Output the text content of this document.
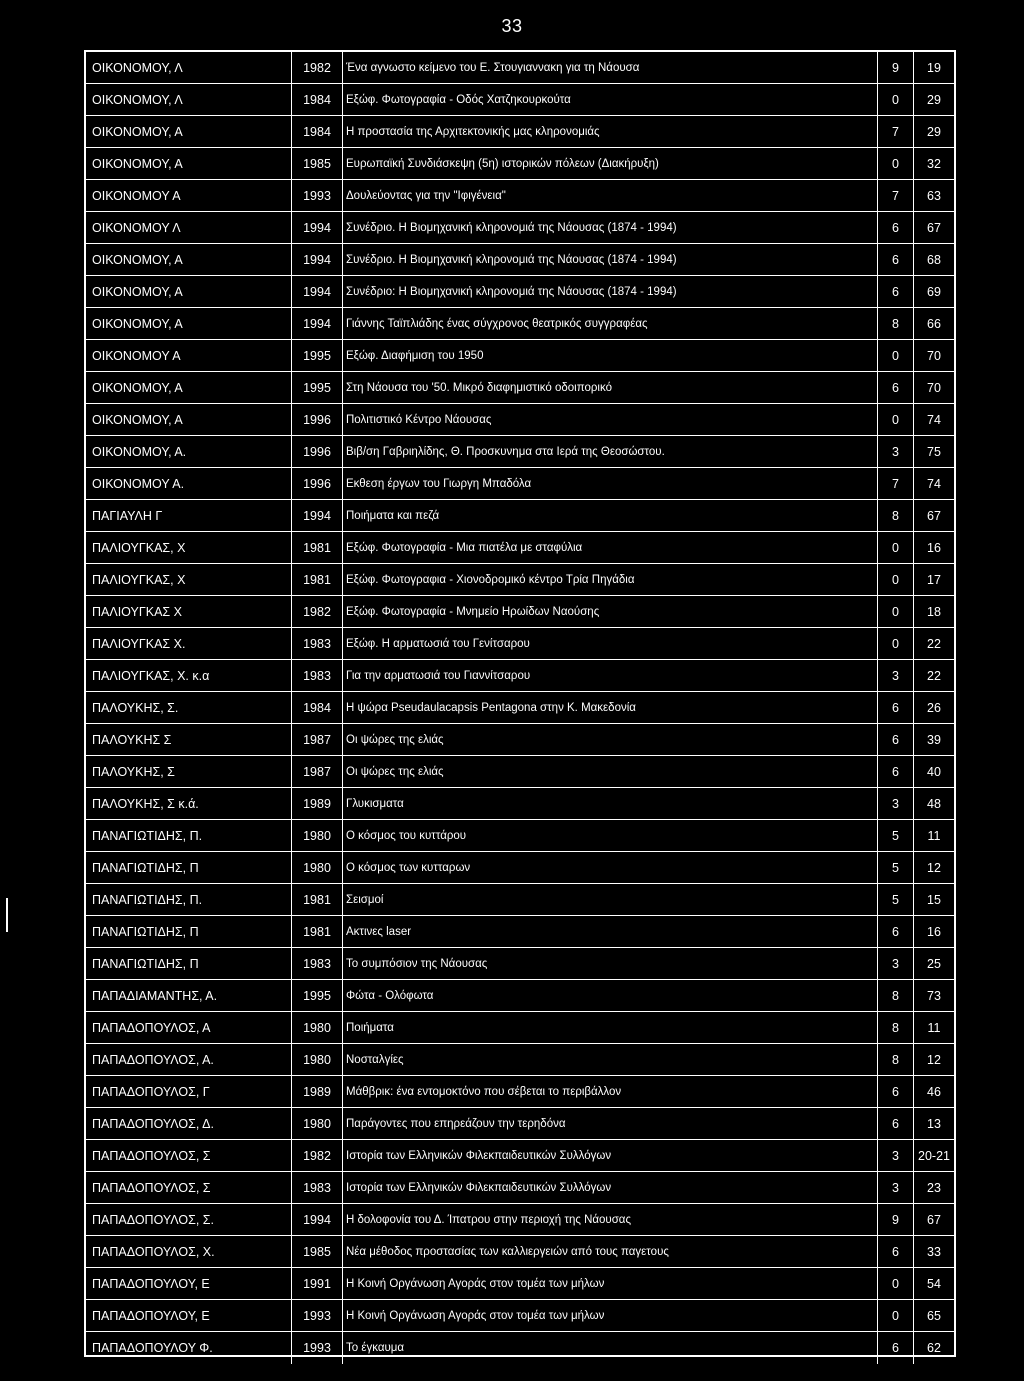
33
ΟΙΚΟΝΟΜΟΥ, Λ	1982	Ένα αγνωστο κείμενο του Ε. Στουγιαννακη για τη Νάουσα	9	19
ΟΙΚΟΝΟΜΟΥ, Λ	1984	Εξώφ. Φωτογραφία - Οδός Χατζηκουρκούτα	0	29
ΟΙΚΟΝΟΜΟΥ, Α	1984	Η προστασία της Αρχιτεκτονικής μας κληρονομιάς	7	29
ΟΙΚΟΝΟΜΟΥ, Α	1985	Ευρωπαϊκή Συνδιάσκεψη (5η) ιστορικών πόλεων (Διακήρυξη)	0	32
ΟΙΚΟΝΟΜΟΥ Α	1993	Δουλεύοντας για την "Ιφιγένεια"	7	63
ΟΙΚΟΝΟΜΟΥ Λ	1994	Συνέδριο. Η Βιομηχανική κληρονομιά της Νάουσας (1874 - 1994)	6	67
ΟΙΚΟΝΟΜΟΥ, Α	1994	Συνέδριο. Η Βιομηχανική κληρονομιά της Νάουσας (1874 - 1994)	6	68
ΟΙΚΟΝΟΜΟΥ, Α	1994	Συνέδριο: Η Βιομηχανική κληρονομιά της Νάουσας (1874 - 1994)	6	69
ΟΙΚΟΝΟΜΟΥ, Α	1994	Γιάννης Ταϊπλιάδης ένας σύγχρονος θεατρικός συγγραφέας	8	66
ΟΙΚΟΝΟΜΟΥ Α	1995	Εξώφ. Διαφήμιση του 1950	0	70
ΟΙΚΟΝΟΜΟΥ, Α	1995	Στη Νάουσα του '50. Μικρό διαφημιστικό οδοιπορικό	6	70
ΟΙΚΟΝΟΜΟΥ, Α	1996	Πολιτιστικό Κέντρο Νάουσας	0	74
ΟΙΚΟΝΟΜΟΥ, Α.	1996	Βιβ/ση Γαβριηλίδης, Θ. Προσκυνημα στα Ιερά της Θεοσώστου.	3	75
ΟΙΚΟΝΟΜΟΥ Α.	1996	Εκθεση έργων του Γιωργη Μπαδόλα	7	74
ΠΑΓΙΑΥΛΗ Γ	1994	Ποιήματα και πεζά	8	67
ΠΑΛΙΟΥΓΚΑΣ, Χ	1981	Εξώφ. Φωτογραφία - Μια πιατέλα με σταφύλια	0	16
ΠΑΛΙΟΥΓΚΑΣ, Χ	1981	Εξώφ. Φωτογραφια - Χιονοδρομικό κέντρο Τρία Πηγάδια	0	17
ΠΑΛΙΟΥΓΚΑΣ Χ	1982	Εξώφ. Φωτογραφία - Μνημείο Ηρωίδων Ναούσης	0	18
ΠΑΛΙΟΥΓΚΑΣ Χ.	1983	Εξώφ. Η αρματωσιά του Γενίτσαρου	0	22
ΠΑΛΙΟΥΓΚΑΣ, Χ. κ.α	1983	Για την αρματωσιά του Γιαννίτσαρου	3	22
ΠΑΛΟΥΚΗΣ, Σ.	1984	Η ψώρα Pseudaulacapsis Pentagona στην Κ. Μακεδονία	6	26
ΠΑΛΟΥΚΗΣ Σ	1987	Οι ψώρες της ελιάς	6	39
ΠΑΛΟΥΚΗΣ, Σ	1987	Οι ψώρες της ελιάς	6	40
ΠΑΛΟΥΚΗΣ, Σ κ.ά.	1989	Γλυκισματα	3	48
ΠΑΝΑΓΙΩΤΙΔΗΣ, Π.	1980	Ο κόσμος του κυττάρου	5	11
ΠΑΝΑΓΙΩΤΙΔΗΣ, Π	1980	Ο κόσμος των κυτταρων	5	12
ΠΑΝΑΓΙΩΤΙΔΗΣ, Π.	1981	Σεισμοί	5	15
ΠΑΝΑΓΙΩΤΙΔΗΣ, Π	1981	Ακτινες laser	6	16
ΠΑΝΑΓΙΩΤΙΔΗΣ, Π	1983	Το συμπόσιον της Νάουσας	3	25
ΠΑΠΑΔΙΑΜΑΝΤΗΣ, Α.	1995	Φώτα - Ολόφωτα	8	73
ΠΑΠΑΔΟΠΟΥΛΟΣ, Α	1980	Ποιήματα	8	11
ΠΑΠΑΔΟΠΟΥΛΟΣ, Α.	1980	Νοσταλγίες	8	12
ΠΑΠΑΔΟΠΟΥΛΟΣ, Γ	1989	Μάθβρικ: ένα εντομοκτόνο που σέβεται το περιβάλλον	6	46
ΠΑΠΑΔΟΠΟΥΛΟΣ, Δ.	1980	Παράγοντες που επηρεάζουν την τερηδόνα	6	13
ΠΑΠΑΔΟΠΟΥΛΟΣ, Σ	1982	Ιστορία των Ελληνικών Φιλεκπαιδευτικών Συλλόγων	3	20-21
ΠΑΠΑΔΟΠΟΥΛΟΣ, Σ	1983	Ιστορία των Ελληνικών Φιλεκπαιδευτικών Συλλόγων	3	23
ΠΑΠΑΔΟΠΟΥΛΟΣ, Σ.	1994	Η δολοφονία του Δ. Ίπατρου στην περιοχή της Νάουσας	9	67
ΠΑΠΑΔΟΠΟΥΛΟΣ, Χ.	1985	Νέα μέθοδος προστασίας των καλλιεργειών από τους παγετους	6	33
ΠΑΠΑΔΟΠΟΥΛΟΥ, Ε	1991	Η Κοινή Οργάνωση Αγοράς στον τομέα των μήλων	0	54
ΠΑΠΑΔΟΠΟΥΛΟΥ, Ε	1993	Η Κοινή Οργάνωση Αγοράς στον τομέα των μήλων	0	65
ΠΑΠΑΔΟΠΟΥΛΟΥ Φ.	1993	Το έγκαυμα	6	62
